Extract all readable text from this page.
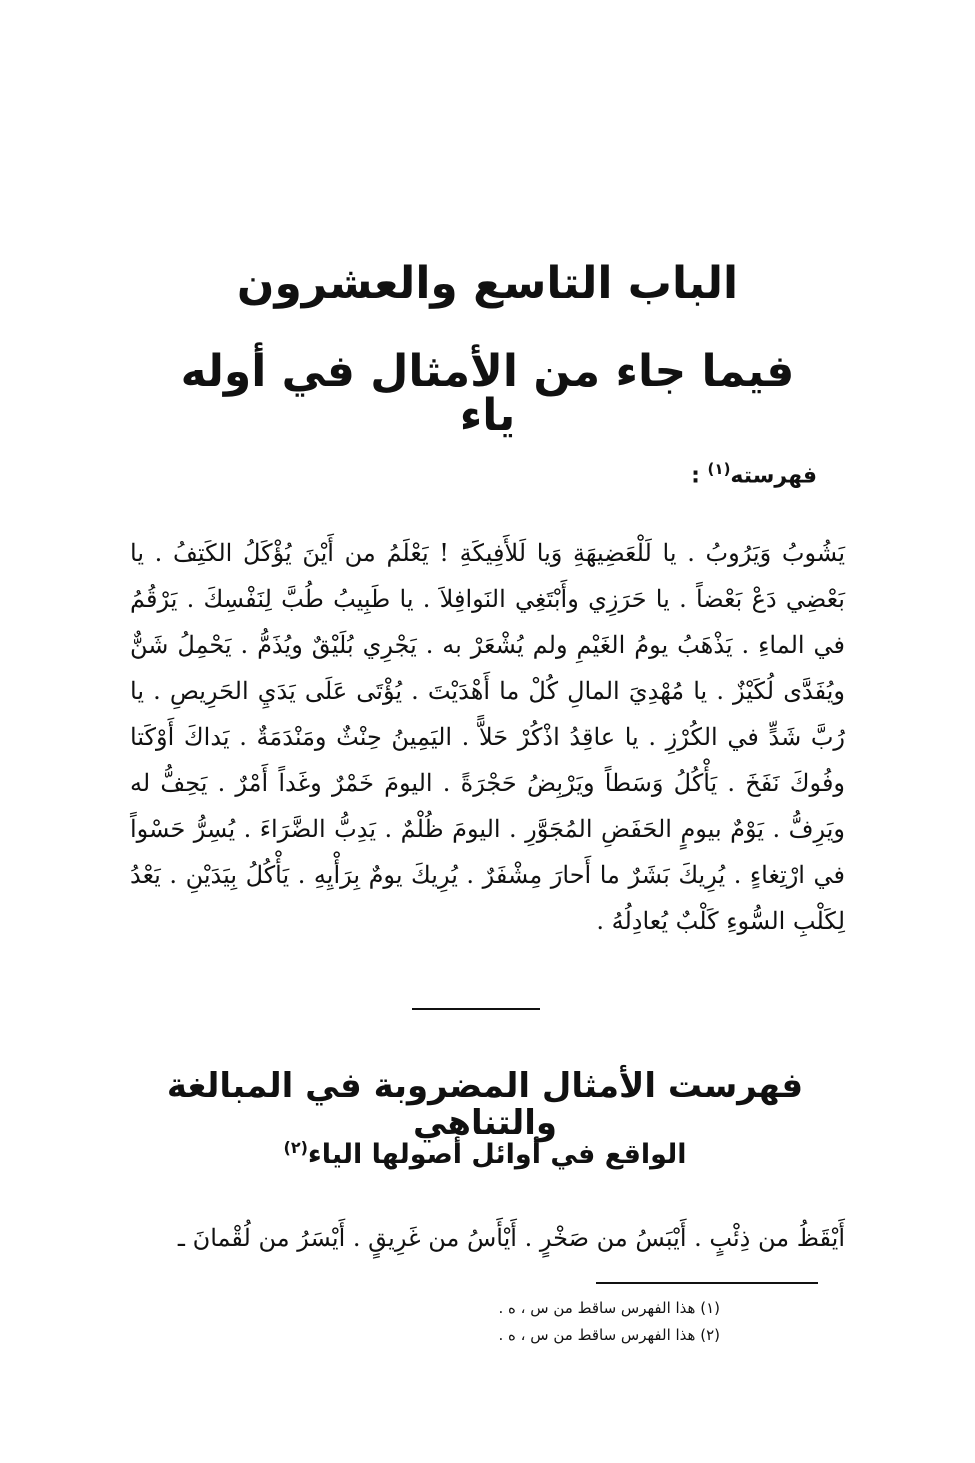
الباب التاسع والعشرون
فيما جاء من الأمثال في أوله ياء
فهرسته$^{(١)}$ :

يَشُوبُ وَيَرُوبُ . يا لَلْعَضِيهَةِ وَيا لَلأَفِيكَةِ ! يَعْلَمُ من أَيْنَ يُؤْكَلُ الكَتِفُ . يا بَعْضِي دَعْ بَعْضاً . يا حَرَزِي وأَبْتَغِي النَوافِلاَ . يا طَبِيبُ طُبَّ لِنَفْسِكَ . يَرْقُمُ في الماءِ . يَذْهَبُ يومُ الغَيْمِ ولم يُشْعَرْ به . يَجْرِي بُلَيْقٌ ويُذَمُّ . يَحْمِلُ شَنٌّ ويُفَدَّى لُكَيْزٌ . يا مُهْدِيَ المالِ كُلْ ما أَهْدَيْتَ . يُؤْتَى عَلَى يَدَيِ الحَرِيصِ . يا رُبَّ شَدٍّ في الكُرْزِ . يا عاقِدُ اذْكُرْ حَلاًّ . اليَمِينُ حِنْثٌ ومَنْدَمَةٌ . يَداكَ أَوْكَتا وفُوكَ نَفَخَ . يَأْكُلُ وَسَطاً ويَرْبِضُ حَجْرَةً . اليومَ خَمْرٌ وغَداً أَمْرٌ . يَحِفُّ له ويَرِفُّ . يَوْمٌ بيومٍ الحَفَضِ المُجَوَّرِ . اليومَ ظُلْمٌ . يَدِبُّ الضَّرَاءَ . يُسِرُّ حَسْواً في ارْتِغاءٍ . يُرِيكَ بَشَرٌ ما أَحارَ مِشْفَرٌ . يُرِيكَ يومٌ بِرَأْيِهِ . يَأْكُلُ بِيَدَيْنِ . يَعْدُ لِكَلْبِ السُّوءِ كَلْبٌ يُعادِلُهُ .

فهرست الأمثال المضروبة في المبالغة والتناهي
الواقع في أوائل أصولها الياء$^{(٢)}$

أَيْقَظُ من ذِئْبٍ . أَيْبَسُ من صَخْرٍ . أَيْأَسُ من غَرِيقٍ . أَيْسَرُ من لُقْمانَ ـ

(١) هذا الفهرس ساقط من س ، ه .
(٢) هذا الفهرس ساقط من س ، ه .
